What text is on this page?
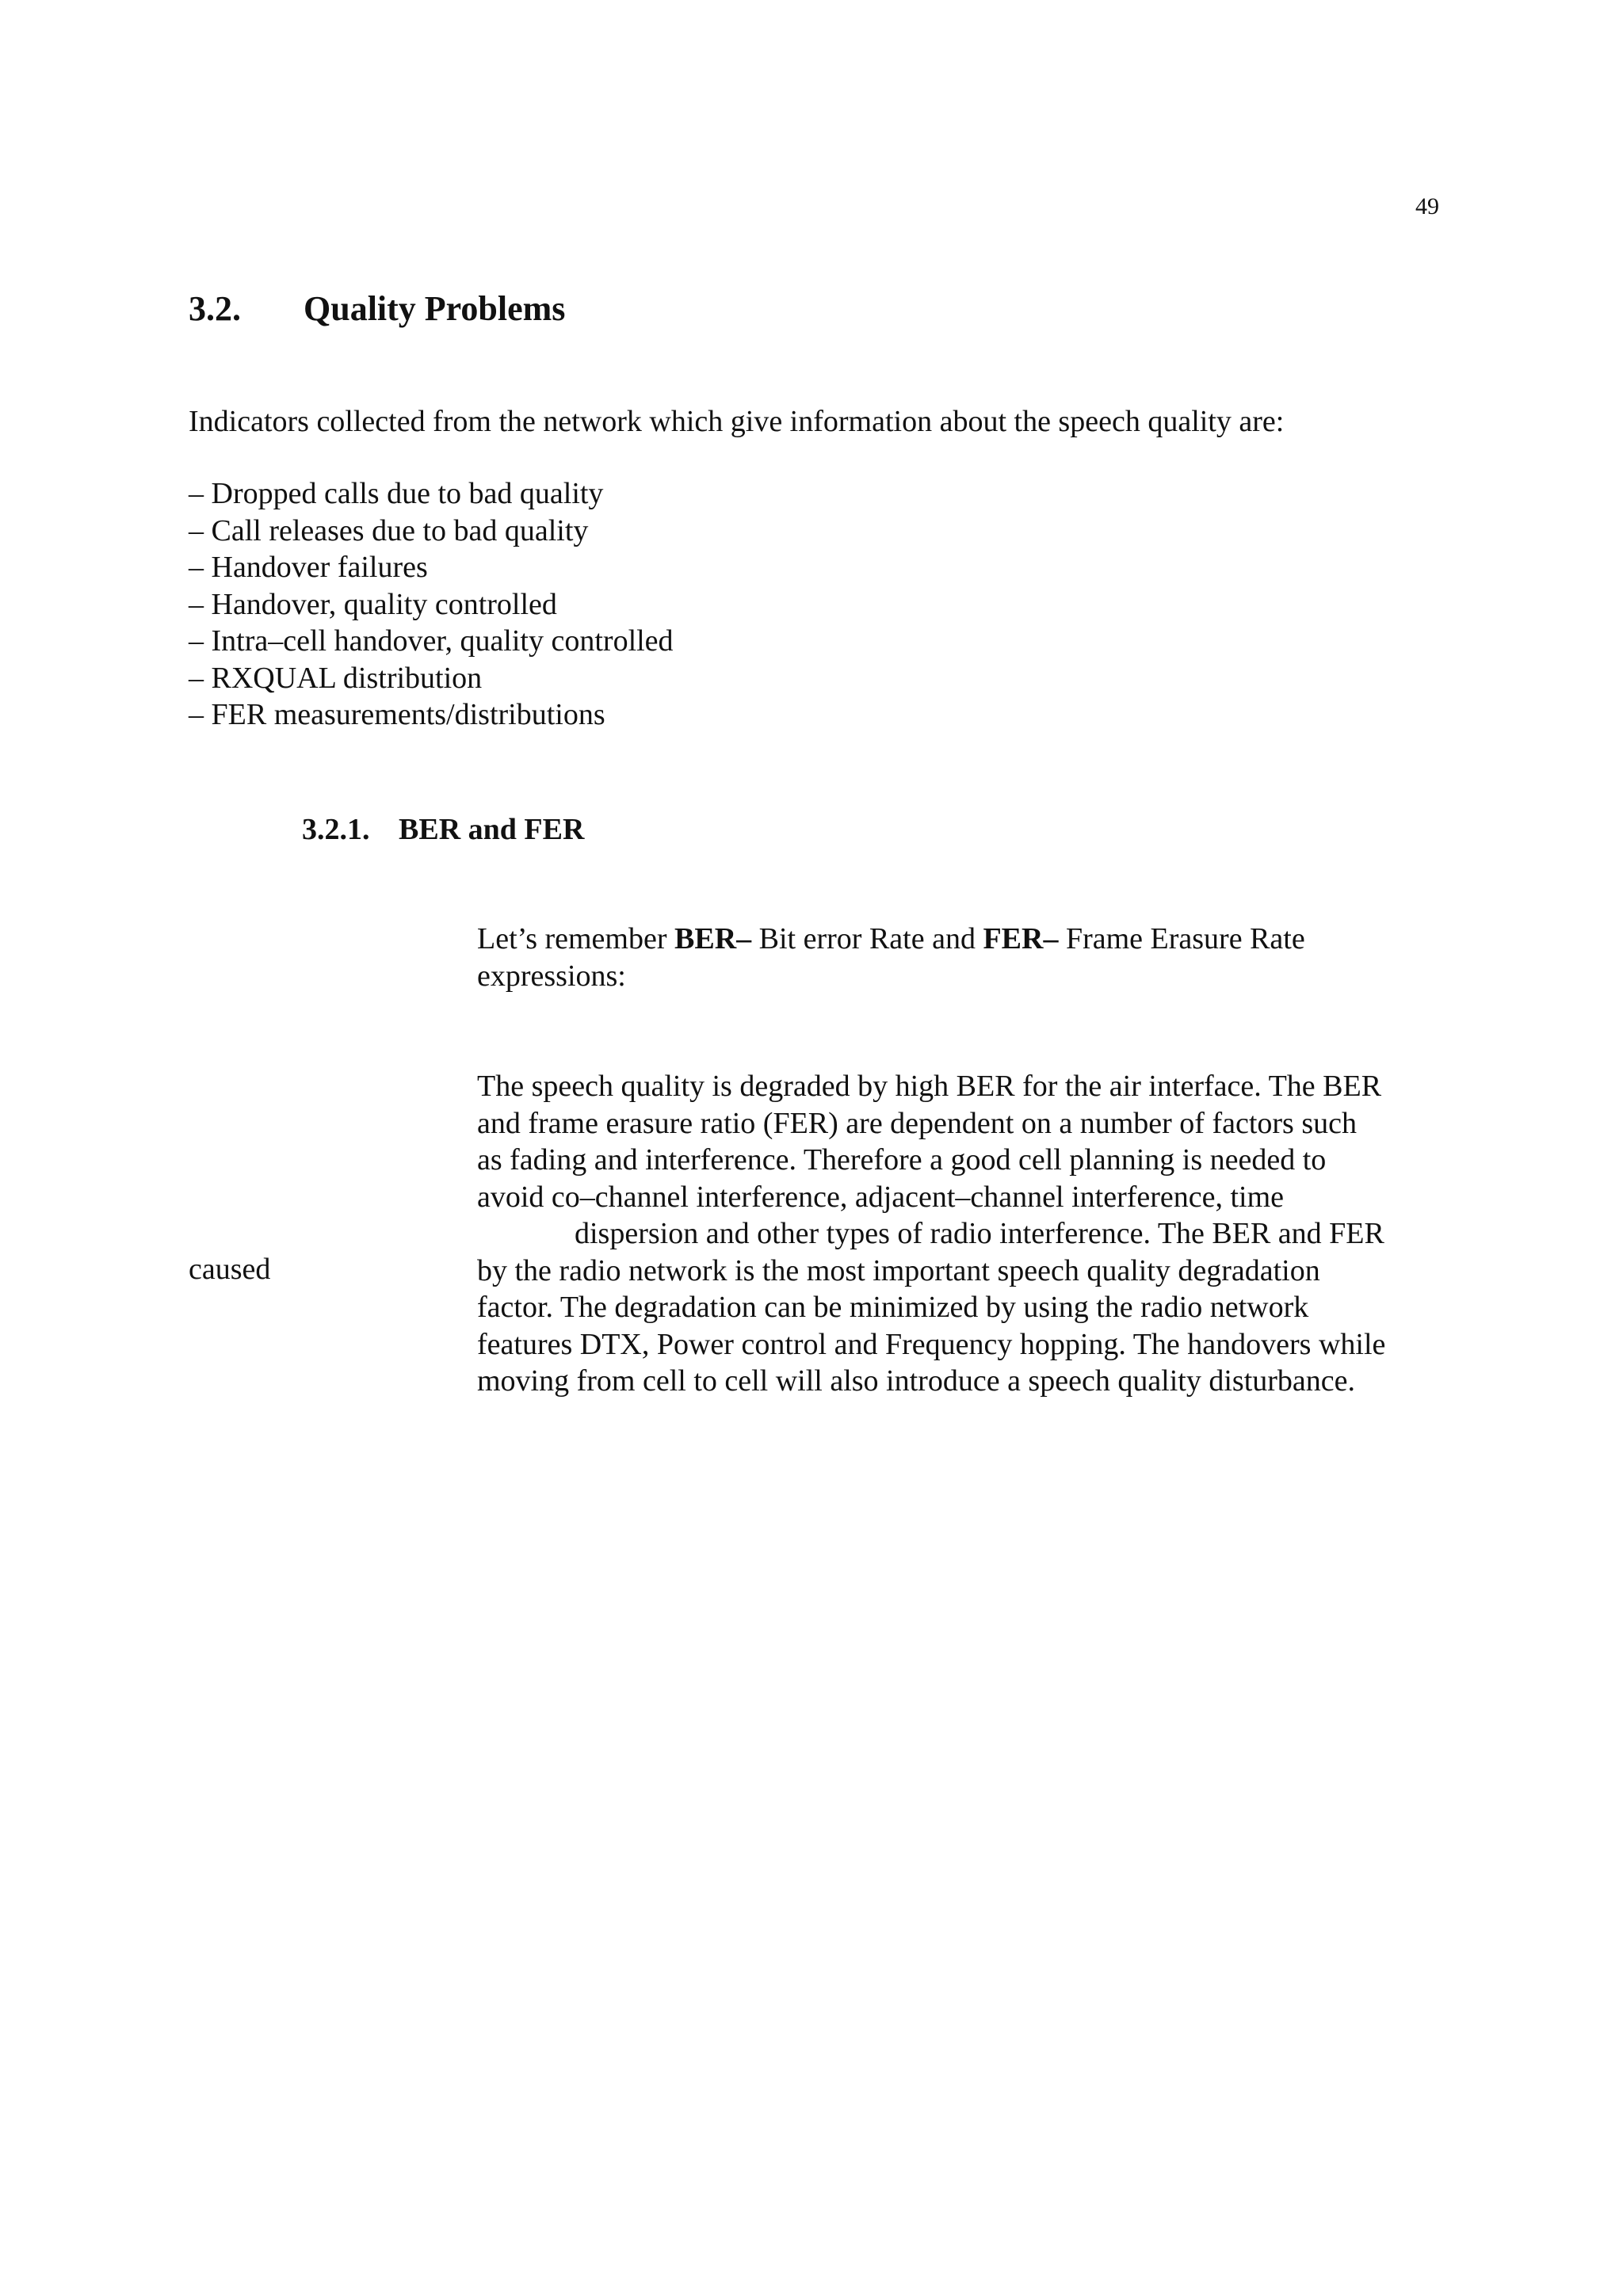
49
3.2. Quality Problems
Indicators collected from the network which give information about the speech quality are:
– Dropped calls due to bad quality
– Call releases due to bad quality
– Handover failures
– Handover, quality controlled
– Intra–cell handover, quality controlled
– RXQUAL distribution
– FER measurements/distributions
3.2.1. BER and FER
Let’s remember BER– Bit error Rate and FER– Frame Erasure Rate
expressions:
The speech quality is degraded by high BER for the air interface. The BER
and frame erasure ratio (FER) are dependent on a number of factors such
as fading and interference. Therefore a good cell planning is needed to
avoid co–channel interference, adjacent–channel interference, time
dispersion and other types of radio interference. The BER and FER
by the radio network is the most important speech quality degradation
factor. The degradation can be minimized by using the radio network
features DTX, Power control and Frequency hopping. The handovers while
moving from cell to cell will also introduce a speech quality disturbance.
caused
